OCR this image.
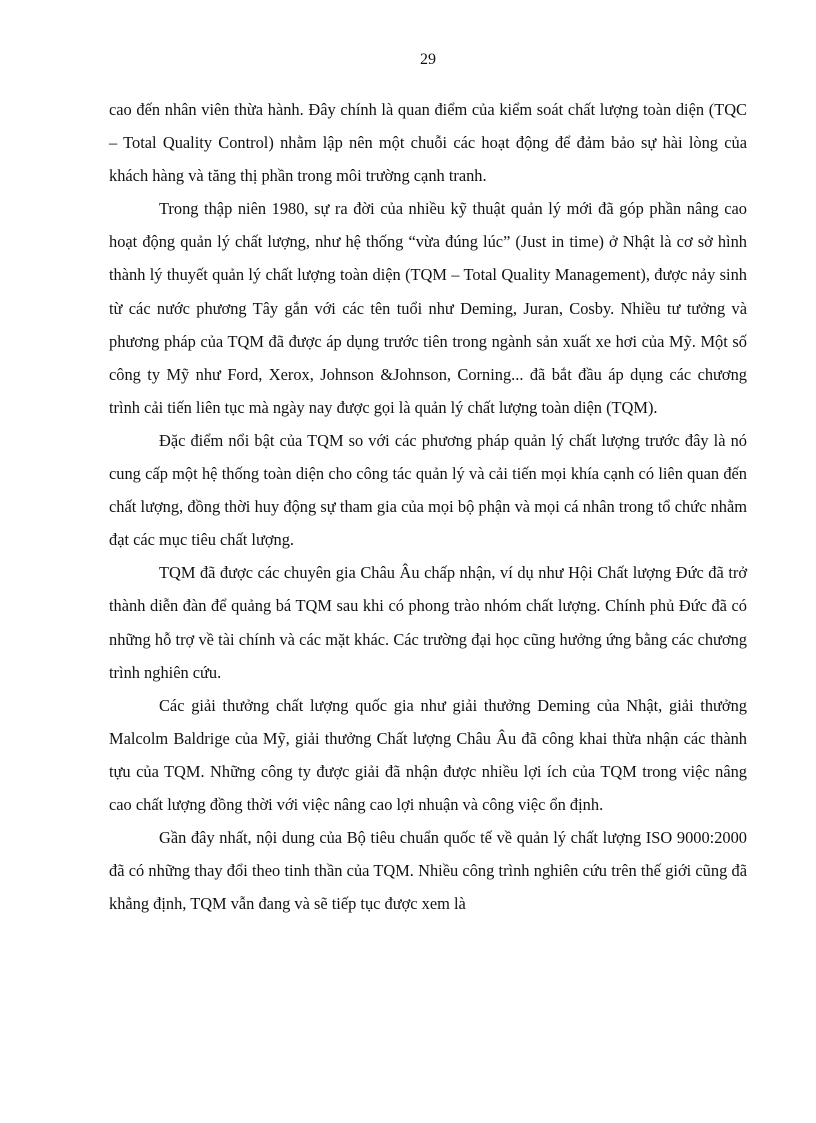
29

cao đến nhân viên thừa hành. Đây chính là quan điểm của kiểm soát chất lượng toàn diện (TQC – Total Quality Control) nhằm lập nên một chuỗi các hoạt động để đảm bảo sự hài lòng của khách hàng và tăng thị phần trong môi trường cạnh tranh.

Trong thập niên 1980, sự ra đời của nhiều kỹ thuật quản lý mới đã góp phần nâng cao hoạt động quản lý chất lượng, như hệ thống “vừa đúng lúc” (Just in time) ở Nhật là cơ sở hình thành lý thuyết quản lý chất lượng toàn diện (TQM – Total Quality Management), được nảy sinh từ các nước phương Tây gắn với các tên tuổi như Deming, Juran, Cosby. Nhiều tư tưởng và phương pháp của TQM đã được áp dụng trước tiên trong ngành sản xuất xe hơi của Mỹ. Một số công ty Mỹ như Ford, Xerox, Johnson &Johnson, Corning... đã bắt đầu áp dụng các chương trình cải tiến liên tục mà ngày nay được gọi là quản lý chất lượng toàn diện (TQM).

Đặc điểm nổi bật của TQM so với các phương pháp quản lý chất lượng trước đây là nó cung cấp một hệ thống toàn diện cho công tác quản lý và cải tiến mọi khía cạnh có liên quan đến chất lượng, đồng thời huy động sự tham gia của mọi bộ phận và mọi cá nhân trong tổ chức nhằm đạt các mục tiêu chất lượng.

TQM đã được các chuyên gia Châu Âu chấp nhận, ví dụ như Hội Chất lượng Đức đã trở thành diễn đàn để quảng bá TQM sau khi có phong trào nhóm chất lượng. Chính phủ Đức đã có những hỗ trợ về tài chính và các mặt khác. Các trường đại học cũng hưởng ứng bằng các chương trình nghiên cứu.

Các giải thưởng chất lượng quốc gia như giải thưởng Deming của Nhật, giải thưởng Malcolm Baldrige của Mỹ, giải thưởng Chất lượng Châu Âu đã công khai thừa nhận các thành tựu của TQM. Những công ty được giải đã nhận được nhiều lợi ích của TQM trong việc nâng cao chất lượng đồng thời với việc nâng cao lợi nhuận và công việc ổn định.

Gần đây nhất, nội dung của Bộ tiêu chuẩn quốc tế về quản lý chất lượng ISO 9000:2000 đã có những thay đổi theo tinh thần của TQM. Nhiều công trình nghiên cứu trên thế giới cũng đã khẳng định, TQM vẫn đang và sẽ tiếp tục được xem là
